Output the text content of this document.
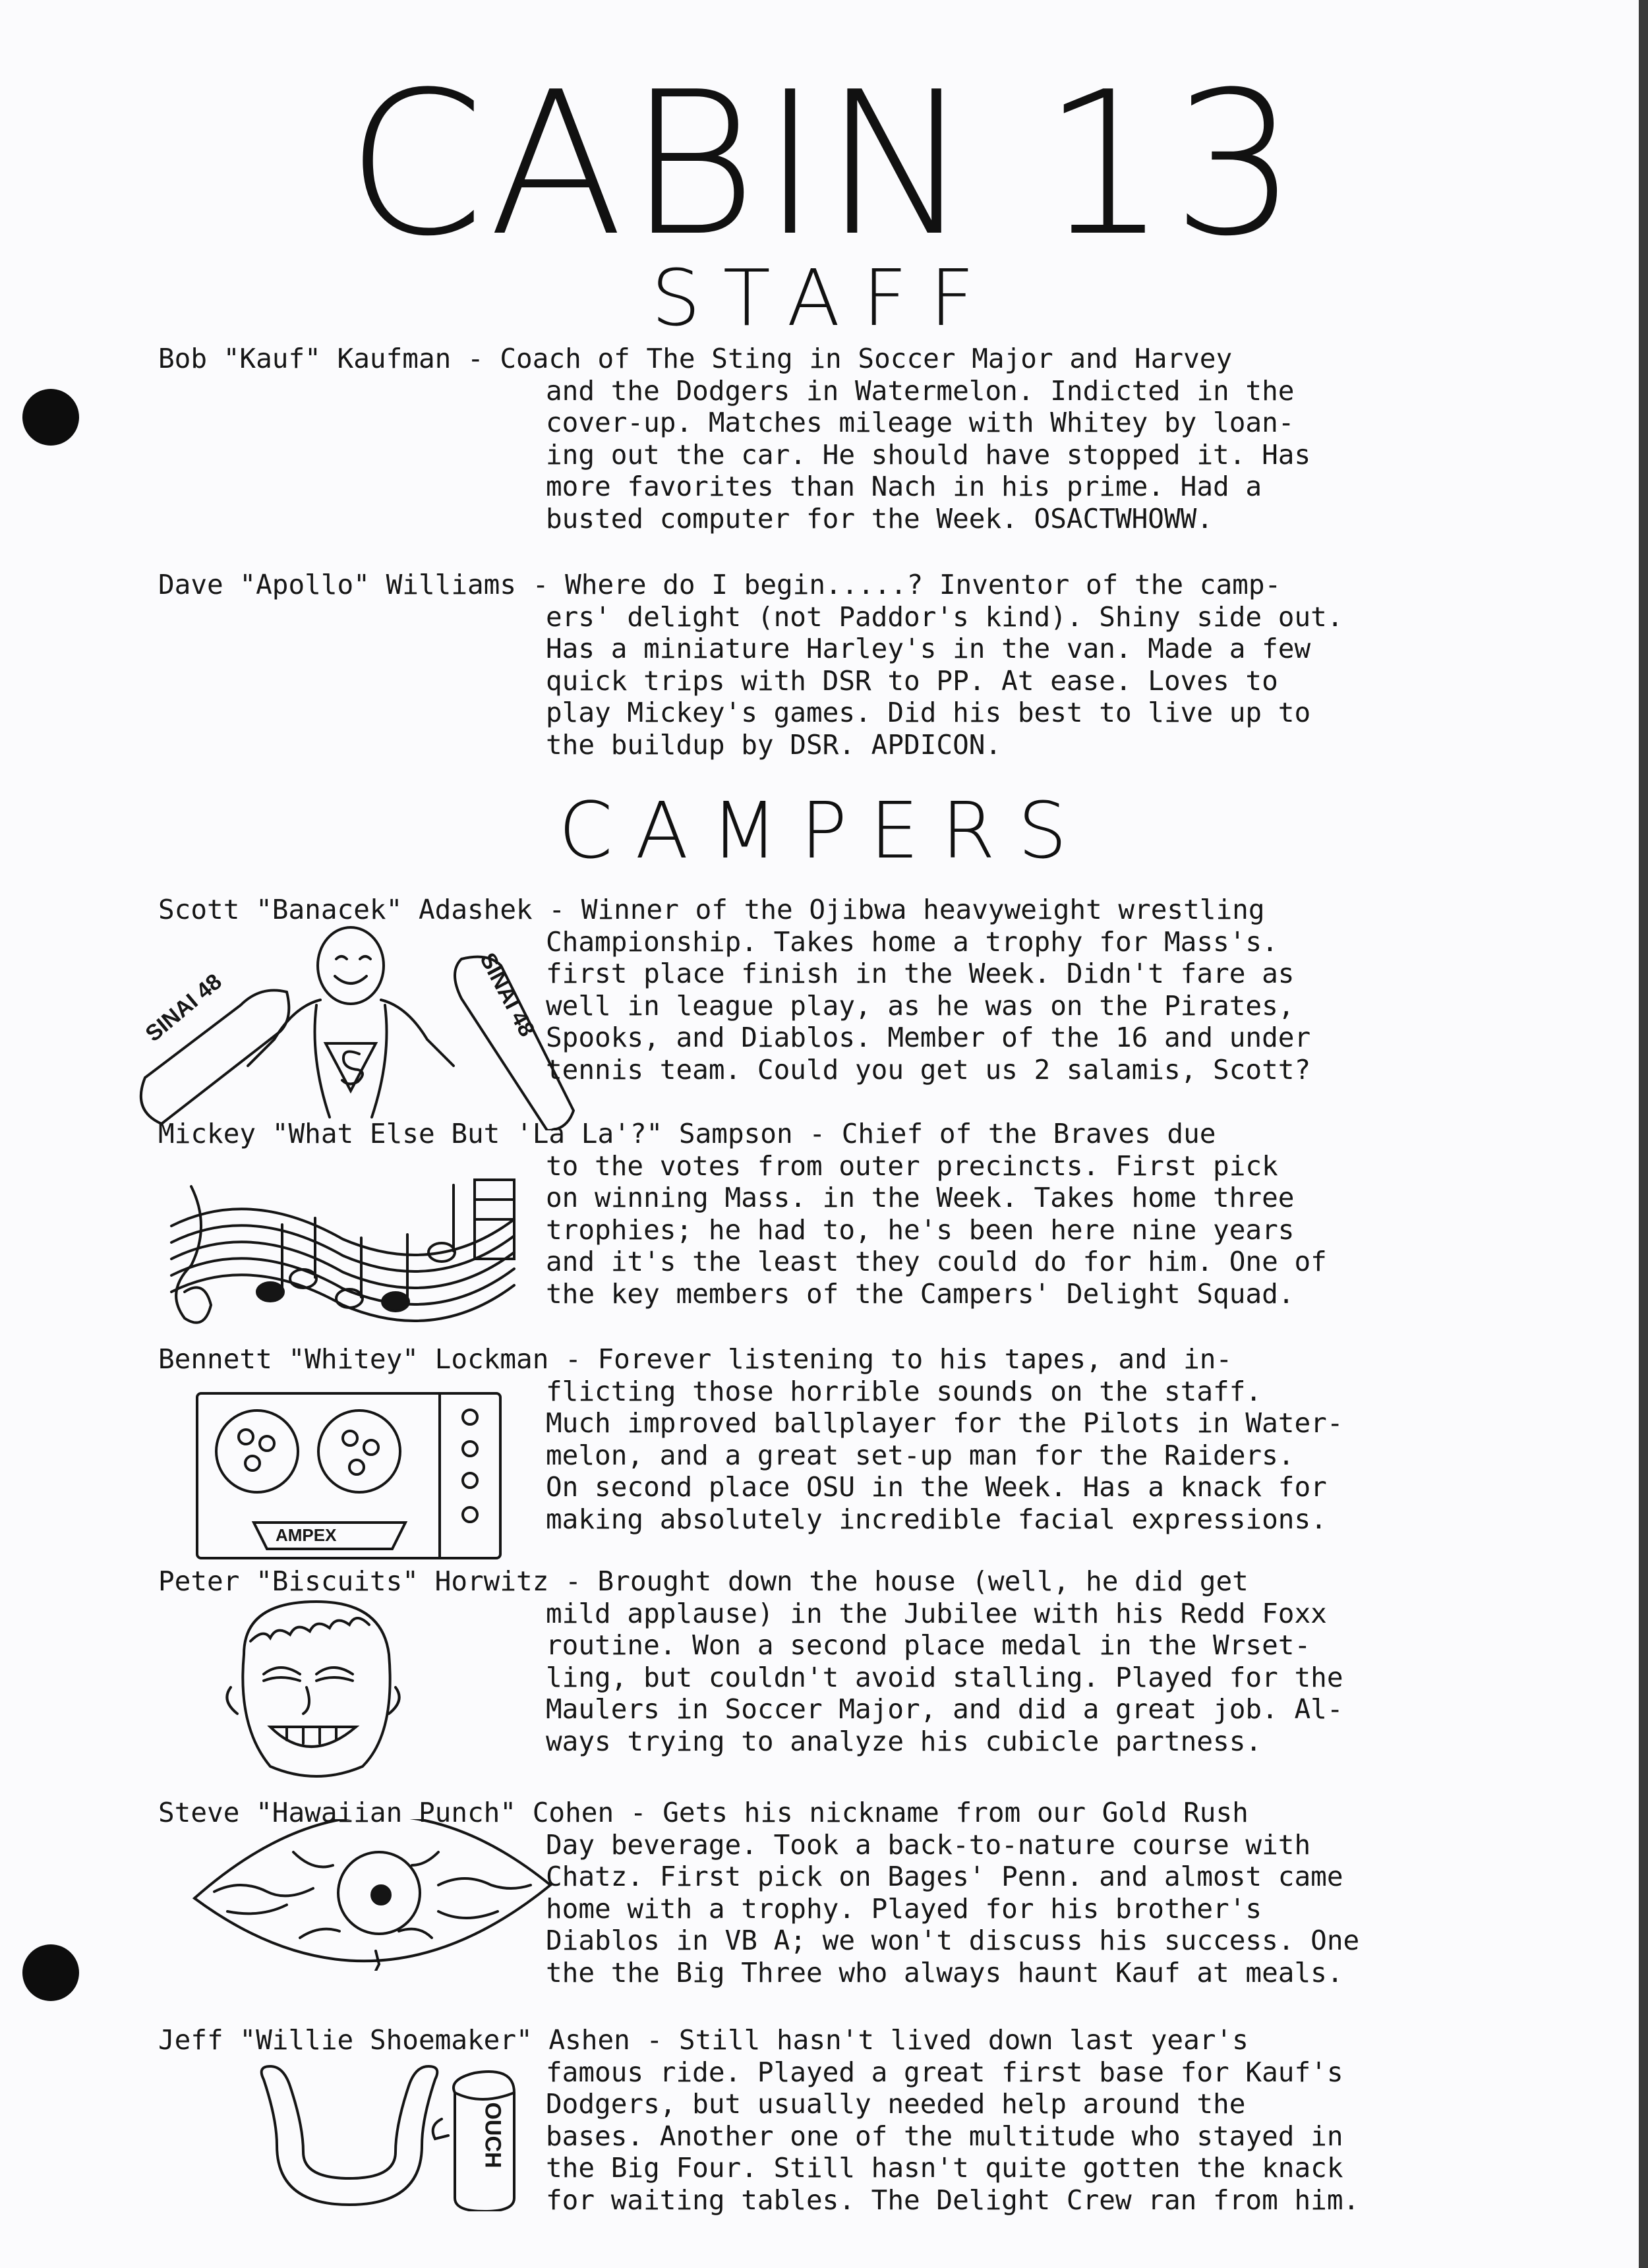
CABIN 13
STAFF
CAMPERS
Bob "Kauf" Kaufman - Coach of The Sting in Soccer Major and Harvey
and the Dodgers in Watermelon. Indicted in the
cover-up. Matches mileage with Whitey by loan-
ing out the car. He should have stopped it. Has
more favorites than Nach in his prime. Had a
busted computer for the Week. OSACTWHOWW.
Dave "Apollo" Williams - Where do I begin.....? Inventor of the camp-
ers' delight (not Paddor's kind). Shiny side out.
Has a miniature Harley's in the van. Made a few
quick trips with DSR to PP. At ease. Loves to
play Mickey's games. Did his best to live up to
the buildup by DSR. APDICON.
Scott "Banacek" Adashek - Winner of the Ojibwa heavyweight wrestling
Championship. Takes home a trophy for Mass's.
first place finish in the Week. Didn't fare as
well in league play, as he was on the Pirates,
Spooks, and Diablos. Member of the 16 and under
tennis team. Could you get us 2 salamis, Scott?
Mickey "What Else But 'La La'?" Sampson - Chief of the Braves due
to the votes from outer precincts. First pick
on winning Mass. in the Week. Takes home three
trophies; he had to, he's been here nine years
and it's the least they could do for him. One of
the key members of the Campers' Delight Squad.
Bennett "Whitey" Lockman - Forever listening to his tapes, and in-
flicting those horrible sounds on the staff.
Much improved ballplayer for the Pilots in Water-
melon, and a great set-up man for the Raiders.
On second place OSU in the Week. Has a knack for
making absolutely incredible facial expressions.
Peter "Biscuits" Horwitz - Brought down the house (well, he did get
mild applause) in the Jubilee with his Redd Foxx
routine. Won a second place medal in the Wrset-
ling, but couldn't avoid stalling. Played for the
Maulers in Soccer Major, and did a great job. Al-
ways trying to analyze his cubicle partness.
Steve "Hawaiian Punch" Cohen - Gets his nickname from our Gold Rush
Day beverage. Took a back-to-nature course with
Chatz. First pick on Bages' Penn. and almost came
home with a trophy. Played for his brother's
Diablos in VB A; we won't discuss his success. One
the the Big Three who always haunt Kauf at meals.
Jeff "Willie Shoemaker" Ashen - Still hasn't lived down last year's
famous ride. Played a great first base for Kauf's
Dodgers, but usually needed help around the
bases. Another one of the multitude who stayed in
the Big Four. Still hasn't quite gotten the knack
for waiting tables. The Delight Crew ran from him.
SINAI 48	SINAI 48
AMPEX
OUCH
